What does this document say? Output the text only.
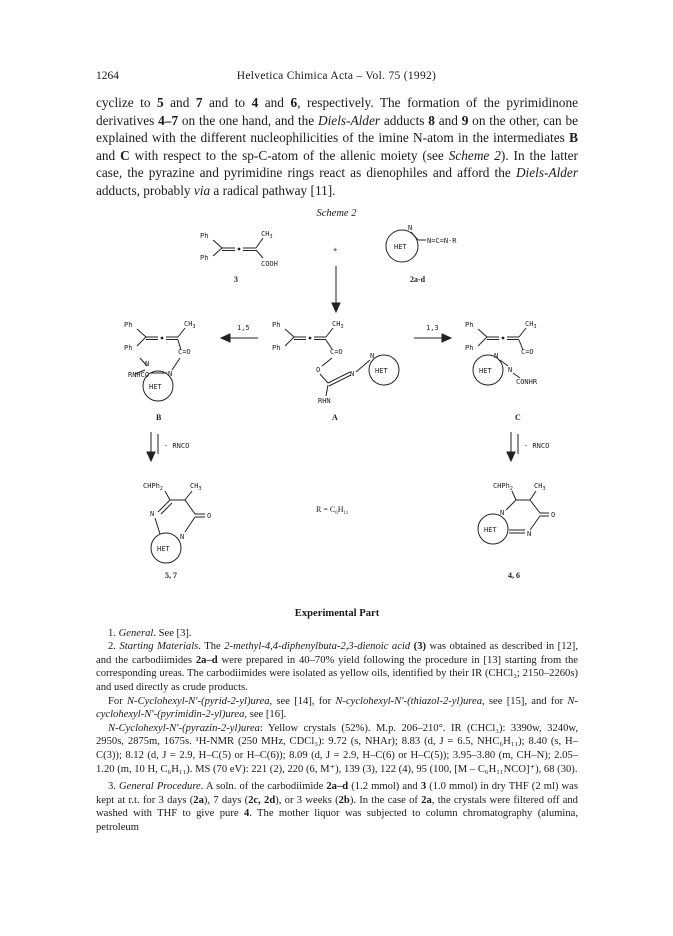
1264	Helvetica Chimica Acta – Vol. 75 (1992)
cyclize to 5 and 7 and to 4 and 6, respectively. The formation of the pyrimidinone derivatives 4–7 on the one hand, and the Diels-Alder adducts 8 and 9 on the other, can be explained with the different nucleophilicities of the imine N-atom in the intermediates B and C with respect to the sp-C-atom of the allenic moiety (see Scheme 2). In the latter case, the pyrazine and pyrimidine rings react as dienophiles and afford the Diels-Alder adducts, probably via a radical pathway [11].
Scheme 2
Ph
Ph
$CH_3$
COOH
3
+	HET
N
N=C=N-R
2a-d
Ph
Ph
$CH_3$
C=O
N
N
RNHCO
HET
B
1,5	Ph
Ph
$CH_3$
C=O
O	N
N
HET
RHN
A
1,3	Ph
Ph
$CH_3$
C=O
N
N
CONHR
HET
C
- RNCO	- RNCO
CHPh$_2$	$CH_3$
N	O
N
HET
5, 7
$R = C_6H_{11}$
CHPh$_2$	$CH_3$
N	O
N
HET
4, 6
Experimental Part

1. General. See [3].

2. Starting Materials. The 2-methyl-4,4-diphenylbuta-2,3-dienoic acid (3) was obtained as described in [12], and the carbodiimides 2a–d were prepared in 40–70% yield following the procedure in [13] starting from the corresponding ureas. The carbodiimides were isolated as yellow oils, identified by their IR (CHCl₃; 2150–2260s) and used directly as crude products.

For N-Cyclohexyl-N′-(pyrid-2-yl)urea, see [14], for N-cyclohexyl-N′-(thiazol-2-yl)urea, see [15], and for N-cyclohexyl-N′-(pyrimidin-2-yl)urea, see [16].

N-Cyclohexyl-N′-(pyrazin-2-yl)urea: Yellow crystals (52%). M.p. 206–210°. IR (CHCl₃): 3390w, 3240w, 2950s, 2875m, 1675s. ¹H-NMR (250 MHz, CDCl₃): 9.72 (s, NHAr); 8.83 (d, J = 6.5, NHC₆H₁₁); 8.40 (s, H–C(3)); 8.12 (d, J = 2.9, H–C(5) or H–C(6)); 8.09 (d, J = 2.9, H–C(6) or H–C(5)); 3.95–3.80 (m, CH–N); 2.05–1.20 (m, 10 H, C₆H₁₁). MS (70 eV): 221 (2), 220 (6, M⁺), 139 (3), 122 (4), 95 (100, [M – C₆H₁₁NCO]⁺), 68 (30).

3. General Procedure. A soln. of the carbodiimide 2a–d (1.2 mmol) and 3 (1.0 mmol) in dry THF (2 ml) was kept at r.t. for 3 days (2a), 7 days (2c, 2d), or 3 weeks (2b). In the case of 2a, the crystals were filtered off and washed with THF to give pure 4. The mother liquor was subjected to column chromatography (alumina, petroleum
